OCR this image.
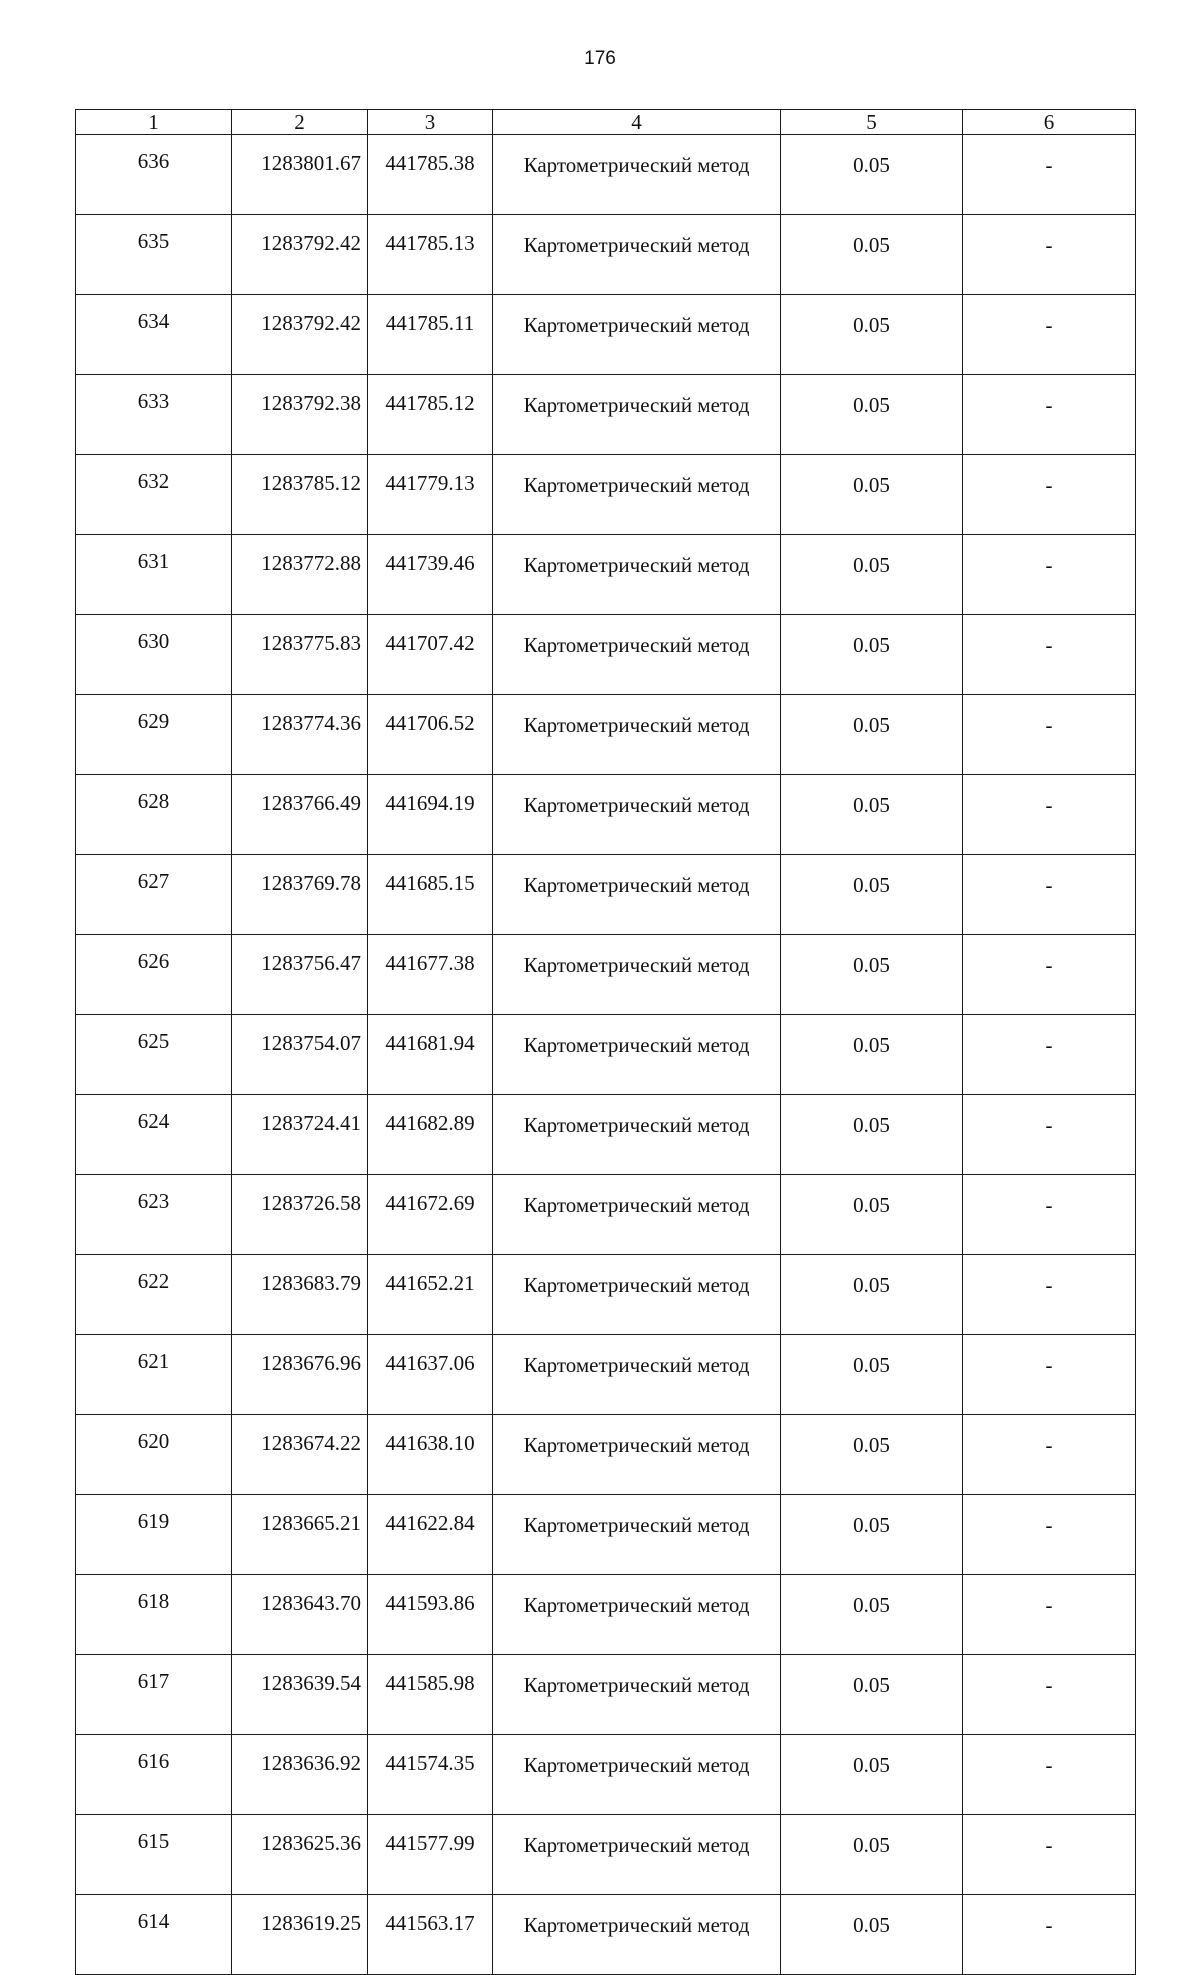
176
1	2	3	4	5	6
636	1283801.67	441785.38	Картометрический метод	0.05	-
635	1283792.42	441785.13	Картометрический метод	0.05	-
634	1283792.42	441785.11	Картометрический метод	0.05	-
633	1283792.38	441785.12	Картометрический метод	0.05	-
632	1283785.12	441779.13	Картометрический метод	0.05	-
631	1283772.88	441739.46	Картометрический метод	0.05	-
630	1283775.83	441707.42	Картометрический метод	0.05	-
629	1283774.36	441706.52	Картометрический метод	0.05	-
628	1283766.49	441694.19	Картометрический метод	0.05	-
627	1283769.78	441685.15	Картометрический метод	0.05	-
626	1283756.47	441677.38	Картометрический метод	0.05	-
625	1283754.07	441681.94	Картометрический метод	0.05	-
624	1283724.41	441682.89	Картометрический метод	0.05	-
623	1283726.58	441672.69	Картометрический метод	0.05	-
622	1283683.79	441652.21	Картометрический метод	0.05	-
621	1283676.96	441637.06	Картометрический метод	0.05	-
620	1283674.22	441638.10	Картометрический метод	0.05	-
619	1283665.21	441622.84	Картометрический метод	0.05	-
618	1283643.70	441593.86	Картометрический метод	0.05	-
617	1283639.54	441585.98	Картометрический метод	0.05	-
616	1283636.92	441574.35	Картометрический метод	0.05	-
615	1283625.36	441577.99	Картометрический метод	0.05	-
614	1283619.25	441563.17	Картометрический метод	0.05	-
